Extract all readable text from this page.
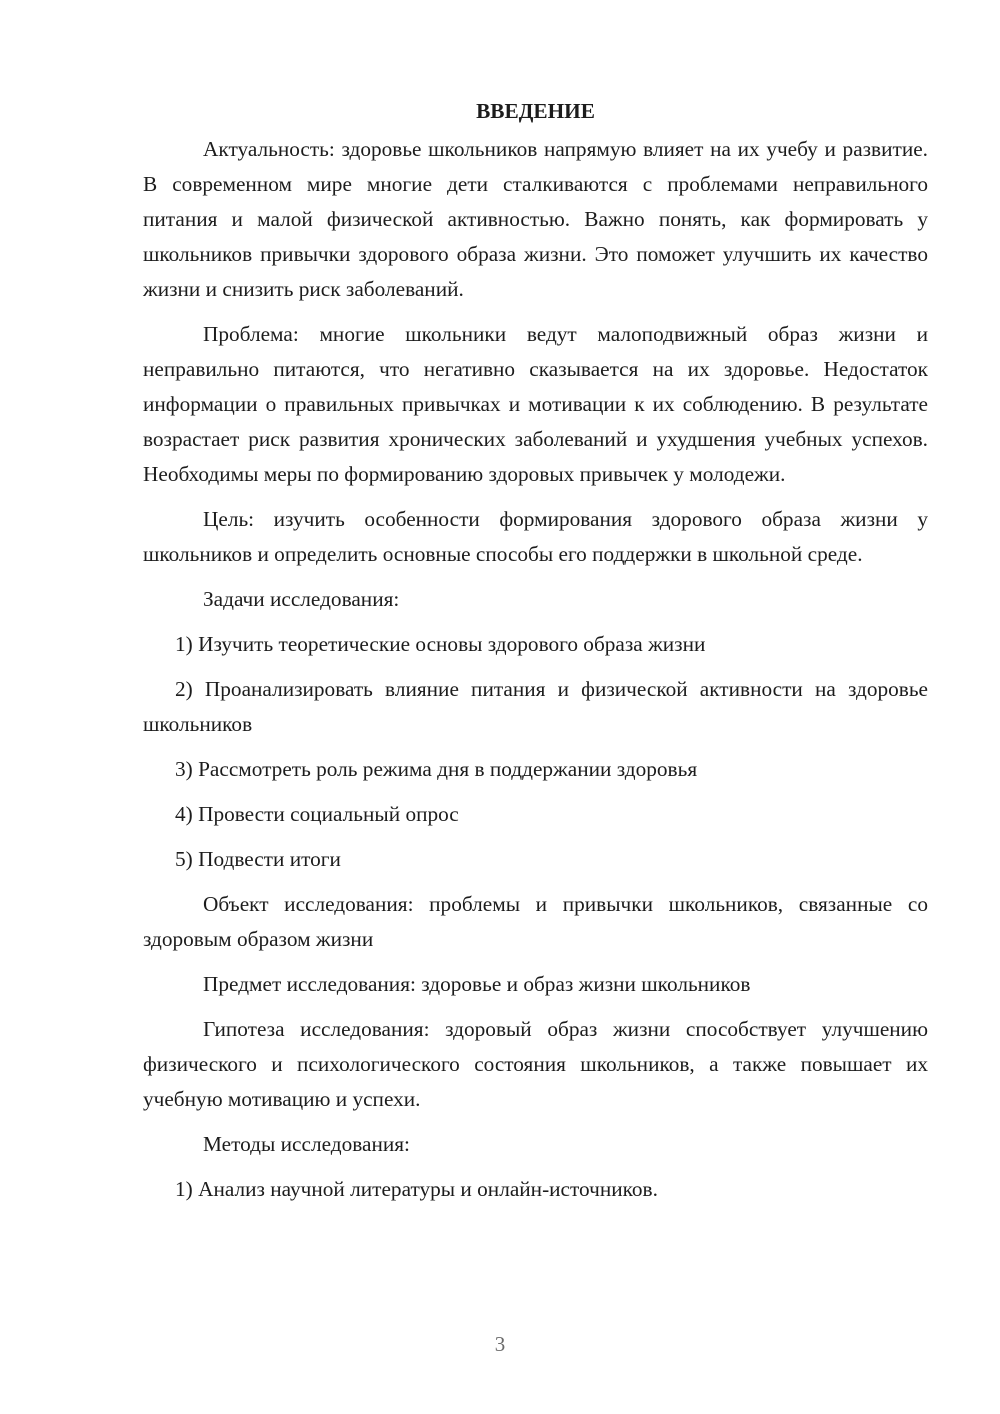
ВВЕДЕНИЕ

Актуальность: здоровье школьников напрямую влияет на их учебу и развитие. В современном мире многие дети сталкиваются с проблемами неправильного питания и малой физической активностью. Важно понять, как формировать у школьников привычки здорового образа жизни. Это поможет улучшить их качество жизни и снизить риск заболеваний.

Проблема: многие школьники ведут малоподвижный образ жизни и неправильно питаются, что негативно сказывается на их здоровье. Недостаток информации о правильных привычках и мотивации к их соблюдению. В результате возрастает риск развития хронических заболеваний и ухудшения учебных успехов. Необходимы меры по формированию здоровых привычек у молодежи.

Цель: изучить особенности формирования здорового образа жизни у школьников и определить основные способы его поддержки в школьной среде.

Задачи исследования:

1) Изучить теоретические основы здорового образа жизни

2) Проанализировать влияние питания и физической активности на здоровье школьников

3) Рассмотреть роль режима дня в поддержании здоровья

4) Провести социальный опрос

5) Подвести итоги

Объект исследования: проблемы и привычки школьников, связанные со здоровым образом жизни

Предмет исследования: здоровье и образ жизни школьников

Гипотеза исследования: здоровый образ жизни способствует улучшению физического и психологического состояния школьников, а также повышает их учебную мотивацию и успехи.

Методы исследования:

1) Анализ научной литературы и онлайн-источников.

3
